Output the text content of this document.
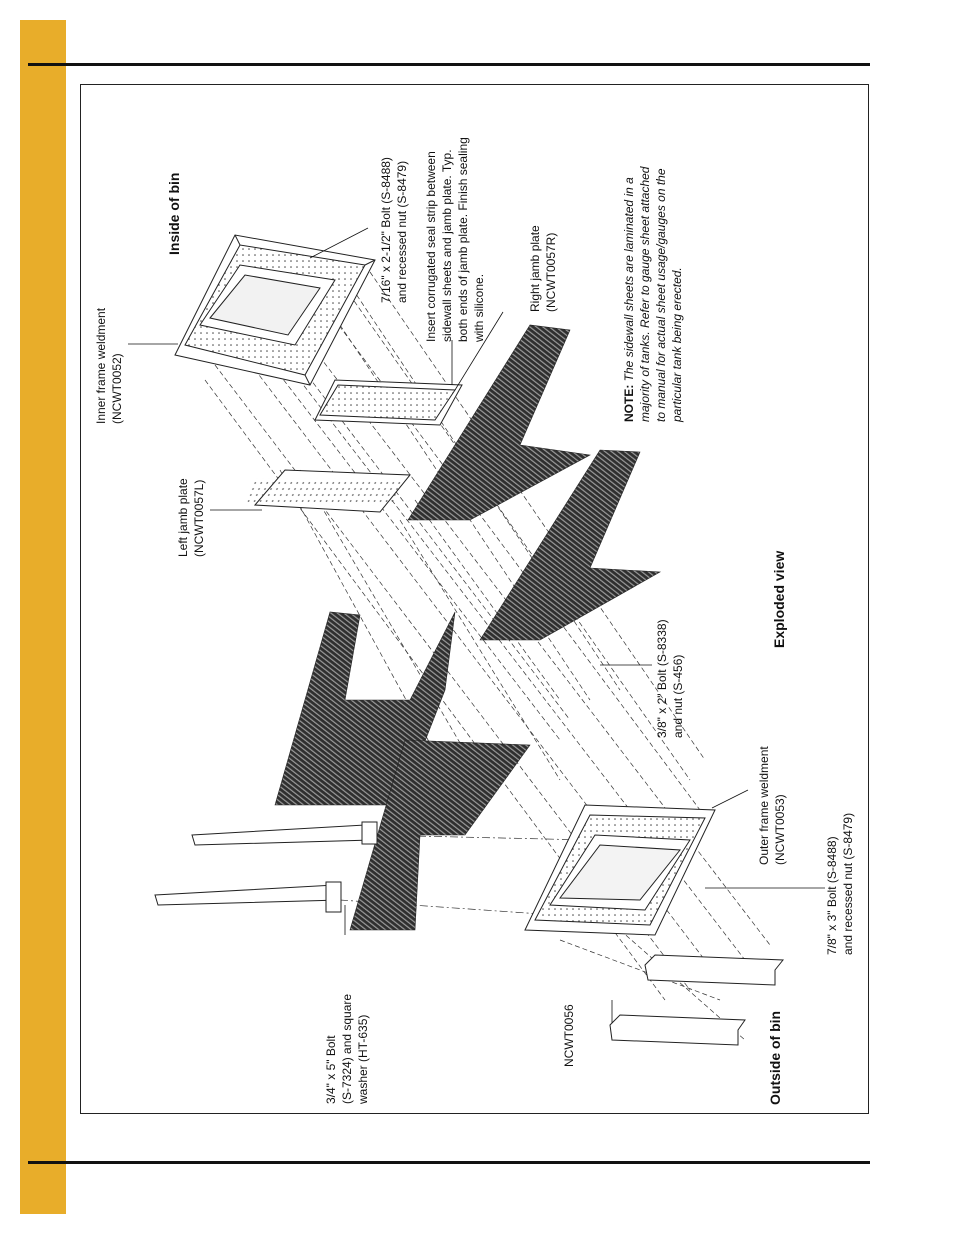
Inside of bin
Outside of bin
Exploded view
Inner frame weldment (NCWT0052)
Left jamb plate (NCWT0057L)
Right jamb plate (NCWT0057R)
7/16" x 2-1/2" Bolt (S-8488) and recessed nut (S-8479) Insert corrugated seal strip between sidewall sheets and jamb plate. Typ. both ends of jamb plate. Finish sealing with silicone.
NOTE: The sidewall sheets are laminated in a majority of tanks. Refer to gauge sheet attached to manual for actual sheet usage/gauges on the particular tank being erected.
3/8" x 2" Bolt (S-8338) and nut (S-456)
Outer frame weldment (NCWT0053)
7/8" x 3" Bolt (S-8488) and recessed nut (S-8479)
NCWT0056
3/4" x 5" Bolt (S-7324) and square washer (HT-635)
